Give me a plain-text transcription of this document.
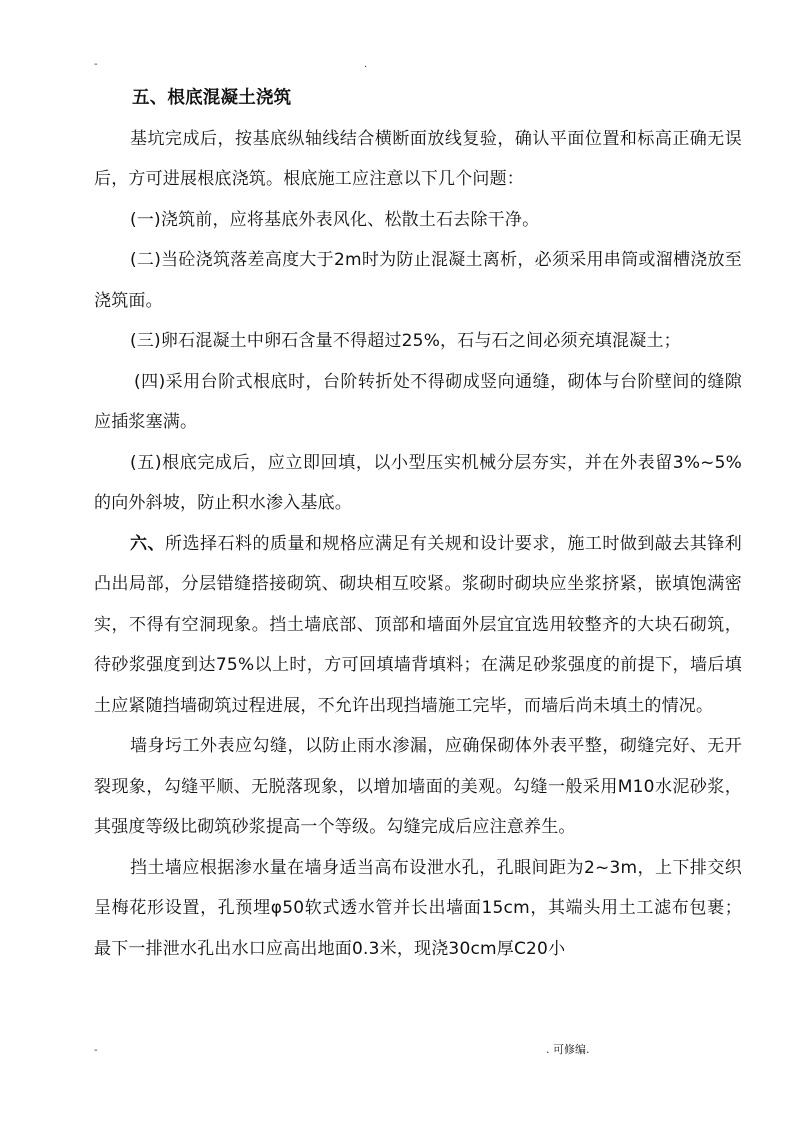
-	.

五、根底混凝土浇筑

基坑完成后，按基底纵轴线结合横断面放线复验，确认平面位置和标高正确无误后，方可进展根底浇筑。根底施工应注意以下几个问题：

(一)浇筑前，应将基底外表风化、松散土石去除干净。

(二)当砼浇筑落差高度大于2m时为防止混凝土离析，必须采用串筒或溜槽浇放至浇筑面。

(三)卵石混凝土中卵石含量不得超过25%，石与石之间必须充填混凝土；

(四)采用台阶式根底时，台阶转折处不得砌成竖向通缝，砌体与台阶壁间的缝隙应插浆塞满。

(五)根底完成后，应立即回填，以小型压实机械分层夯实，并在外表留3%~5%的向外斜坡，防止积水渗入基底。

六、所选择石料的质量和规格应满足有关规和设计要求，施工时做到敲去其锋利凸出局部，分层错缝搭接砌筑、砌块相互咬紧。浆砌时砌块应坐浆挤紧，嵌填饱满密实，不得有空洞现象。挡土墙底部、顶部和墙面外层宜宜选用较整齐的大块石砌筑，待砂浆强度到达75%以上时，方可回填墙背填料；在满足砂浆强度的前提下，墙后填土应紧随挡墙砌筑过程进展，不允许出现挡墙施工完毕，而墙后尚未填土的情况。

墙身圬工外表应勾缝，以防止雨水渗漏，应确保砌体外表平整，砌缝完好、无开裂现象，勾缝平顺、无脱落现象，以增加墙面的美观。勾缝一般采用M10水泥砂浆，其强度等级比砌筑砂浆提高一个等级。勾缝完成后应注意养生。

挡土墙应根据渗水量在墙身适当高布设泄水孔，孔眼间距为2~3m，上下排交织呈梅花形设置，孔预埋φ50软式透水管并长出墙面15cm，其端头用土工滤布包裹；最下一排泄水孔出水口应高出地面0.3米，现浇30cm厚C20小

-	. 可修编.
